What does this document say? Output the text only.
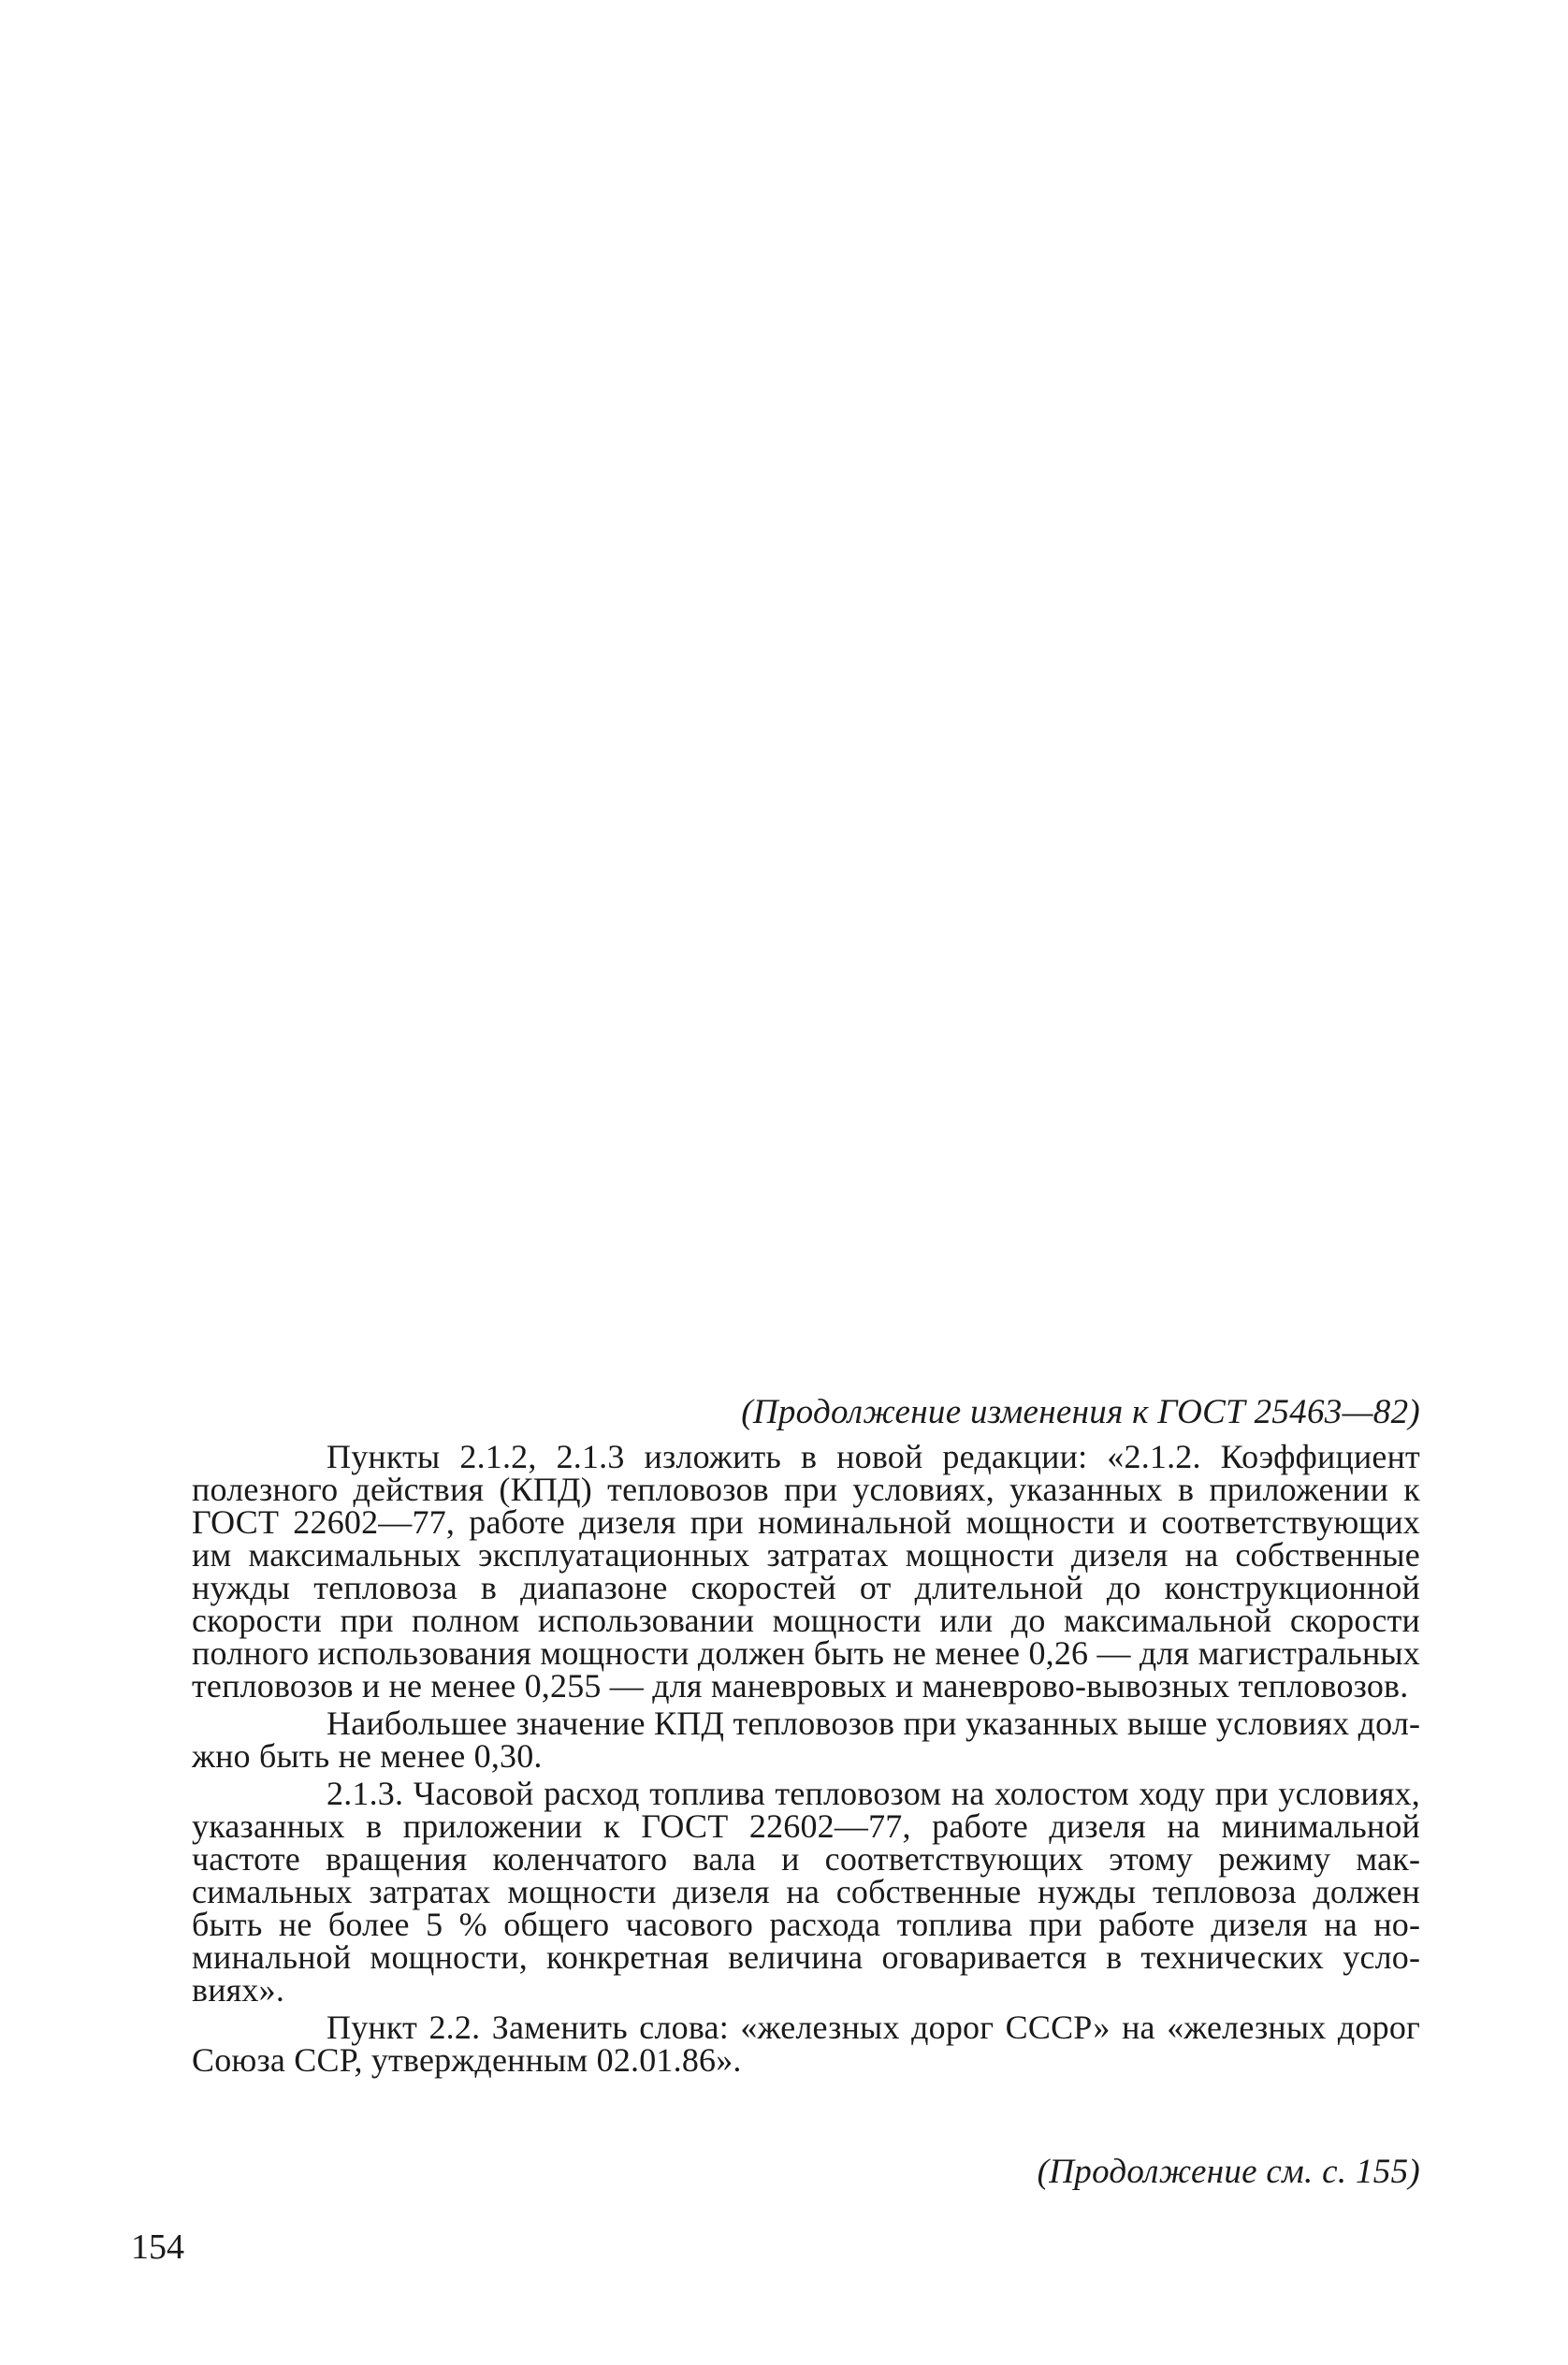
(Продолжение изменения к ГОСТ 25463—82)

Пункты 2.1.2, 2.1.3 изложить в новой редакции: «2.1.2. Коэффициент полезного действия (КПД) тепловозов при условиях, указанных в приложении к ГОСТ 22602—77, работе дизеля при номинальной мощности и соответствующих им максимальных эксплуатационных затратах мощности дизеля на собственные нужды тепловоза в диапазоне скоростей от длительной до конструкционной скорости при полном использовании мощности или до максимальной скорости полного использования мощности должен быть не менее 0,26 — для магистральных тепловозов и не менее 0,255 — для маневровых и маневрово-вывозных тепловозов.

Наибольшее значение КПД тепловозов при указанных выше условиях должно быть не менее 0,30.

2.1.3. Часовой расход топлива тепловозом на холостом ходу при условиях, указанных в приложении к ГОСТ 22602—77, работе дизеля на минимальной частоте вращения коленчатого вала и соответствующих этому режиму максимальных затратах мощности дизеля на собственные нужды тепловоза должен быть не более 5 % общего часового расхода топлива при работе дизеля на номинальной мощности, конкретная величина оговаривается в технических условиях».

Пункт 2.2. Заменить слова: «железных дорог СССР» на «железных дорог Союза ССР, утвержденным 02.01.86».

(Продолжение см. с. 155)
154
